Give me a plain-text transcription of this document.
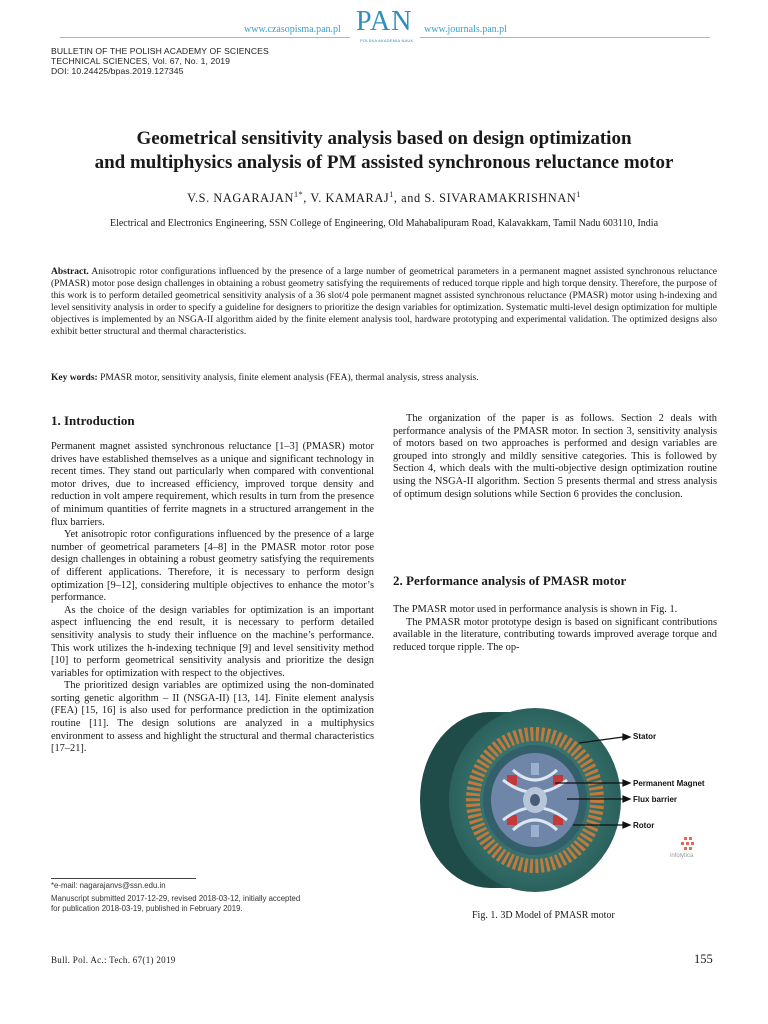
www.czasopisma.pan.pl PAN
POLSKA AKADEMIA NAUK
www.journals.pan.pl
BULLETIN OF THE POLISH ACADEMY OF SCIENCES
TECHNICAL SCIENCES, Vol. 67, No. 1, 2019
DOI: 10.24425/bpas.2019.127345
Geometrical sensitivity analysis based on design optimization
and multiphysics analysis of PM assisted synchronous reluctance motor
V.S. $NAGARAJAN^{1*}$, V. KAMARAJ$^1$, and S. SIVARAMAKRISHNAN$^1$
Electrical and Electronics Engineering, SSN College of Engineering, Old Mahabalipuram Road, Kalavakkam, Tamil Nadu 603110, India
Abstract. Anisotropic rotor configurations influenced by the presence of a large number of geometrical parameters in a permanent magnet assisted synchronous reluctance (PMASR) motor pose design challenges in obtaining a robust geometry satisfying the requirements of reduced torque ripple and high torque density. Therefore, the purpose of this work is to perform detailed geometrical sensitivity analysis of a 36 slot/4 pole permanent magnet assisted synchronous reluctance (PMASR) motor using h-indexing and level sensitivity analysis in order to specify a guideline for designers to prioritize the design variables for optimization. Systematic multi-level design optimization for multiple objectives is implemented by an NSGA-II algorithm aided by the finite element analysis tool, hardware prototyping and experimental validation. The optimized designs also exhibit better structural and thermal characteristics.
Key words: PMASR motor, sensitivity analysis, finite element analysis (FEA), thermal analysis, stress analysis.
1. Introduction

Permanent magnet assisted synchronous reluctance [1–3] (PMASR) motor drives have established themselves as a unique and significant technology in recent times. They stand out particularly when compared with conventional motor drives, due to increased efficiency, improved torque density and reduction in volt ampere requirement, which results in turn from the presence of minimum quantities of ferrite magnets in a structured arrangement in the flux barriers.

Yet anisotropic rotor configurations influenced by the presence of a large number of geometrical parameters [4–8] in the PMASR motor rotor pose design challenges in obtaining a robust geometry satisfying the requirements of different applications. Therefore, it is necessary to perform design optimization [9–12], considering multiple objectives to enhance the motor’s performance.

As the choice of the design variables for optimization is an important aspect influencing the end result, it is necessary to perform detailed sensitivity analysis to study their influence on the machine’s performance. This work utilizes the h-indexing technique [9] and level sensitivity method [10] to perform geometrical sensitivity analysis and prioritize the design variables for optimization with respect to the objectives.

The prioritized design variables are optimized using the non-dominated sorting genetic algorithm – II (NSGA-II) [13, 14]. Finite element analysis (FEA) [15, 16] is also used for performance prediction in the optimization routine [11]. The design solutions are analyzed in a multiphysics environment to assess and highlight the structural and thermal characteristics [17–21].

*e-mail: nagarajanvs@ssn.edu.in
Manuscript submitted 2017-12-29, revised 2018-03-12, initially accepted
for publication 2018-03-19, published in February 2019.

The organization of the paper is as follows. Section 2 deals with performance analysis of the PMASR motor. In section 3, sensitivity analysis of motors based on two approaches is performed and design variables are grouped into strongly and mildly sensitive categories. This is followed by Section 4, which deals with the multi-objective design optimization routine using the NSGA-II algorithm. Section 5 presents thermal and stress analysis of optimum design solutions while Section 6 provides the conclusion.

2. Performance analysis of PMASR motor

The PMASR motor used in performance analysis is shown in Fig. 1.

The PMASR motor prototype design is based on significant contributions available in the literature, contributing towards improved average torque and reduced torque ripple. The op-

Stator
Permanent Magnet
Flux barrier
Rotor
infolytica
Fig. 1. 3D Model of PMASR motor
Bull. Pol. Ac.: Tech. 67(1) 2019	155
